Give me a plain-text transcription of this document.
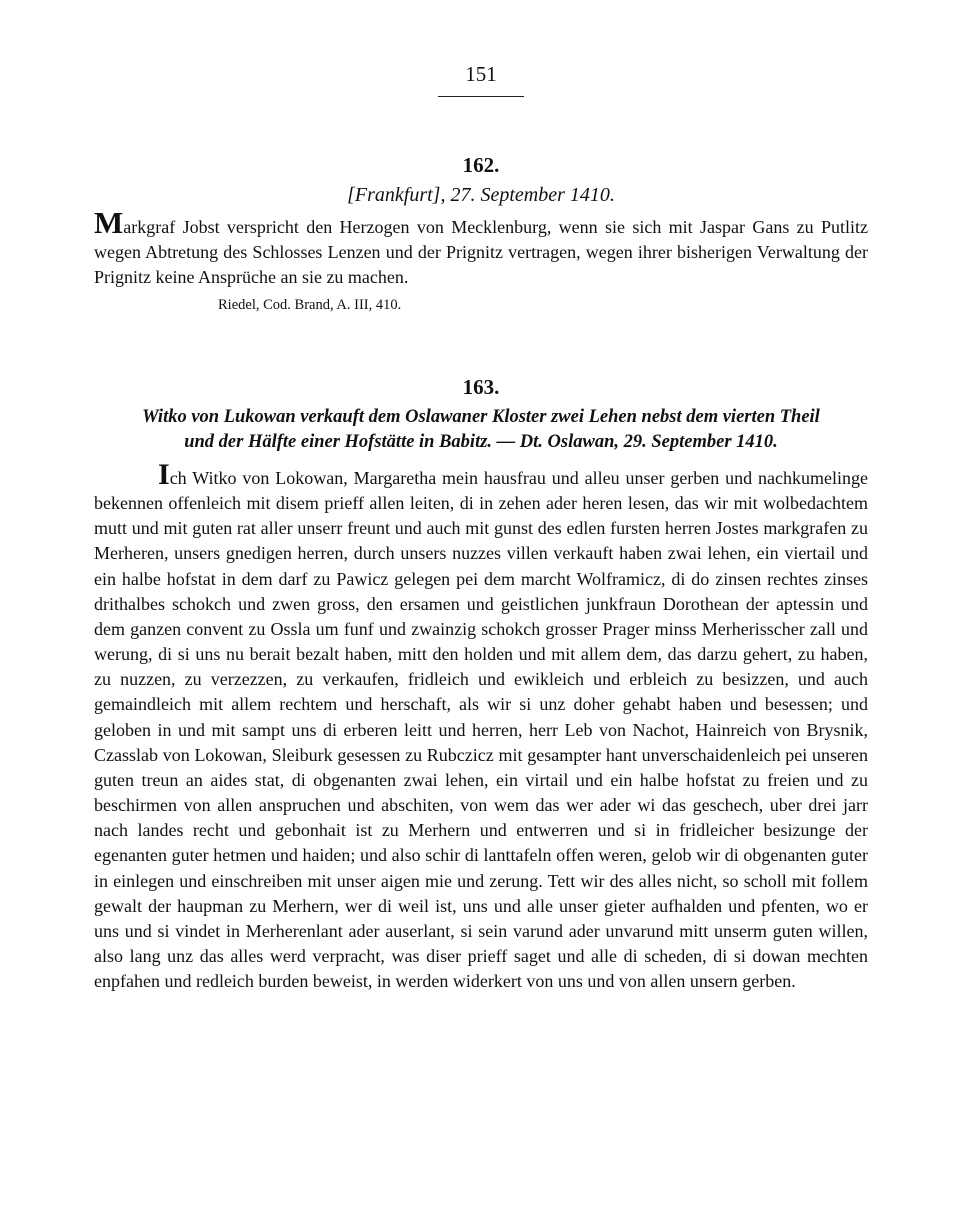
151
162.
[Frankfurt], 27. September 1410.

Markgraf Jobst verspricht den Herzogen von Mecklenburg, wenn sie sich mit Jaspar Gans zu Putlitz wegen Abtretung des Schlosses Lenzen und der Prignitz vertragen, wegen ihrer bisherigen Verwaltung der Prignitz keine Ansprüche an sie zu machen.

Riedel, Cod. Brand, A. III, 410.
163.
Witko von Lukowan verkauft dem Oslawaner Kloster zwei Lehen nebst dem vierten Theil
und der Hälfte einer Hofstätte in Babitz. — Dt. Oslawan, 29. September 1410.

Ich Witko von Lokowan, Margaretha mein hausfrau und alleu unser gerben und nachkumelinge bekennen offenleich mit disem prieff allen leiten, di in zehen ader heren lesen, das wir mit wolbedachtem mutt und mit guten rat aller unserr freunt und auch mit gunst des edlen fursten herren Jostes markgrafen zu Merheren, unsers gnedigen herren, durch unsers nuzzes villen verkauft haben zwai lehen, ein viertail und ein halbe hofstat in dem darf zu Pawicz gelegen pei dem marcht Wolframicz, di do zinsen rechtes zinses drithalbes schokch und zwen gross, den ersamen und geistlichen junkfraun Dorothean der aptessin und dem ganzen convent zu Ossla um funf und zwainzig schokch grosser Prager minss Merherisscher zall und werung, di si uns nu berait bezalt haben, mitt den holden und mit allem dem, das darzu gehert, zu haben, zu nuzzen, zu verzezzen, zu verkaufen, fridleich und ewikleich und erbleich zu besizzen, und auch gemaindleich mit allem rechtem und herschaft, als wir si unz doher gehabt haben und besessen; und geloben in und mit sampt uns di erberen leitt und herren, herr Leb von Nachot, Hainreich von Brysnik, Czasslab von Lokowan, Sleiburk gesessen zu Rubczicz mit gesampter hant unverschaidenleich pei unseren guten treun an aides stat, di obgenanten zwai lehen, ein virtail und ein halbe hofstat zu freien und zu beschirmen von allen anspruchen und abschiten, von wem das wer ader wi das geschech, uber drei jarr nach landes recht und gebonhait ist zu Merhern und entwerren und si in fridleicher besizunge der egenanten guter hetmen und haiden; und also schir di lanttafeln offen weren, gelob wir di obgenanten guter in einlegen und einschreiben mit unser aigen mie und zerung. Tett wir des alles nicht, so scholl mit follem gewalt der haupman zu Merhern, wer di weil ist, uns und alle unser gieter aufhalden und pfenten, wo er uns und si vindet in Merherenlant ader auserlant, si sein varund ader unvarund mitt unserm guten willen, also lang unz das alles werd verpracht, was diser prieff saget und alle di scheden, di si dowan mechten enpfahen und redleich burden beweist, in werden widerkert von uns und von allen unsern gerben.
